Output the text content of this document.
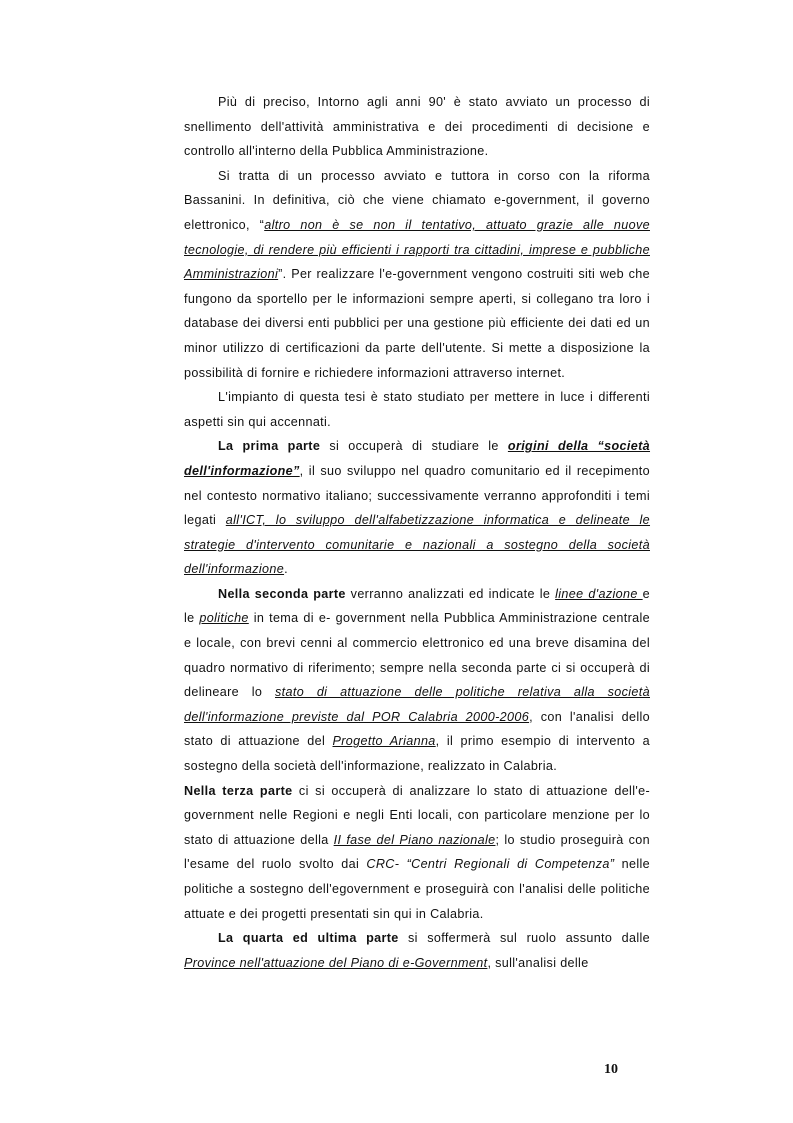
Più di preciso, Intorno agli anni 90' è stato avviato un processo di snellimento dell'attività amministrativa e dei procedimenti di decisione e controllo all'interno della Pubblica Amministrazione.

Si tratta di un processo avviato e tuttora in corso con la riforma Bassanini. In definitiva, ciò che viene chiamato e-government, il governo elettronico, “altro non è se non il tentativo, attuato grazie alle nuove tecnologie, di rendere più efficienti i rapporti tra cittadini, imprese e pubbliche Amministrazioni”. Per realizzare l'e-government vengono costruiti siti web che fungono da sportello per le informazioni sempre aperti, si collegano tra loro i database dei diversi enti pubblici per una gestione più efficiente dei dati ed un minor utilizzo di certificazioni da parte dell'utente. Si mette a disposizione la possibilità di fornire e richiedere informazioni attraverso internet.

L'impianto di questa tesi è stato studiato per mettere in luce i differenti aspetti sin qui accennati.

La prima parte si occuperà di studiare le origini della “società dell'informazione”, il suo sviluppo nel quadro comunitario ed il recepimento nel contesto normativo italiano; successivamente verranno approfonditi i temi legati all'ICT, lo sviluppo dell'alfabetizzazione informatica e delineate le strategie d'intervento comunitarie e nazionali a sostegno della società dell'informazione.

Nella seconda parte verranno analizzati ed indicate le linee d'azione e le politiche in tema di e- government nella Pubblica Amministrazione centrale e locale, con brevi cenni al commercio elettronico ed una breve disamina del quadro normativo di riferimento; sempre nella seconda parte ci si occuperà di delineare lo stato di attuazione delle politiche relativa alla società dell'informazione previste dal POR Calabria 2000-2006, con l'analisi dello stato di attuazione del Progetto Arianna, il primo esempio di intervento a sostegno della società dell'informazione, realizzato in Calabria.

Nella terza parte ci si occuperà di analizzare lo stato di attuazione dell'e-government nelle Regioni e negli Enti locali, con particolare menzione per lo stato di attuazione della II fase del Piano nazionale; lo studio proseguirà con l'esame del ruolo svolto dai CRC- “Centri Regionali di Competenza” nelle politiche a sostegno dell'egovernment e proseguirà con l'analisi delle politiche attuate e dei progetti presentati sin qui in Calabria.

La quarta ed ultima parte si soffermerà sul ruolo assunto dalle Province nell'attuazione del Piano di e-Government, sull'analisi delle

10
